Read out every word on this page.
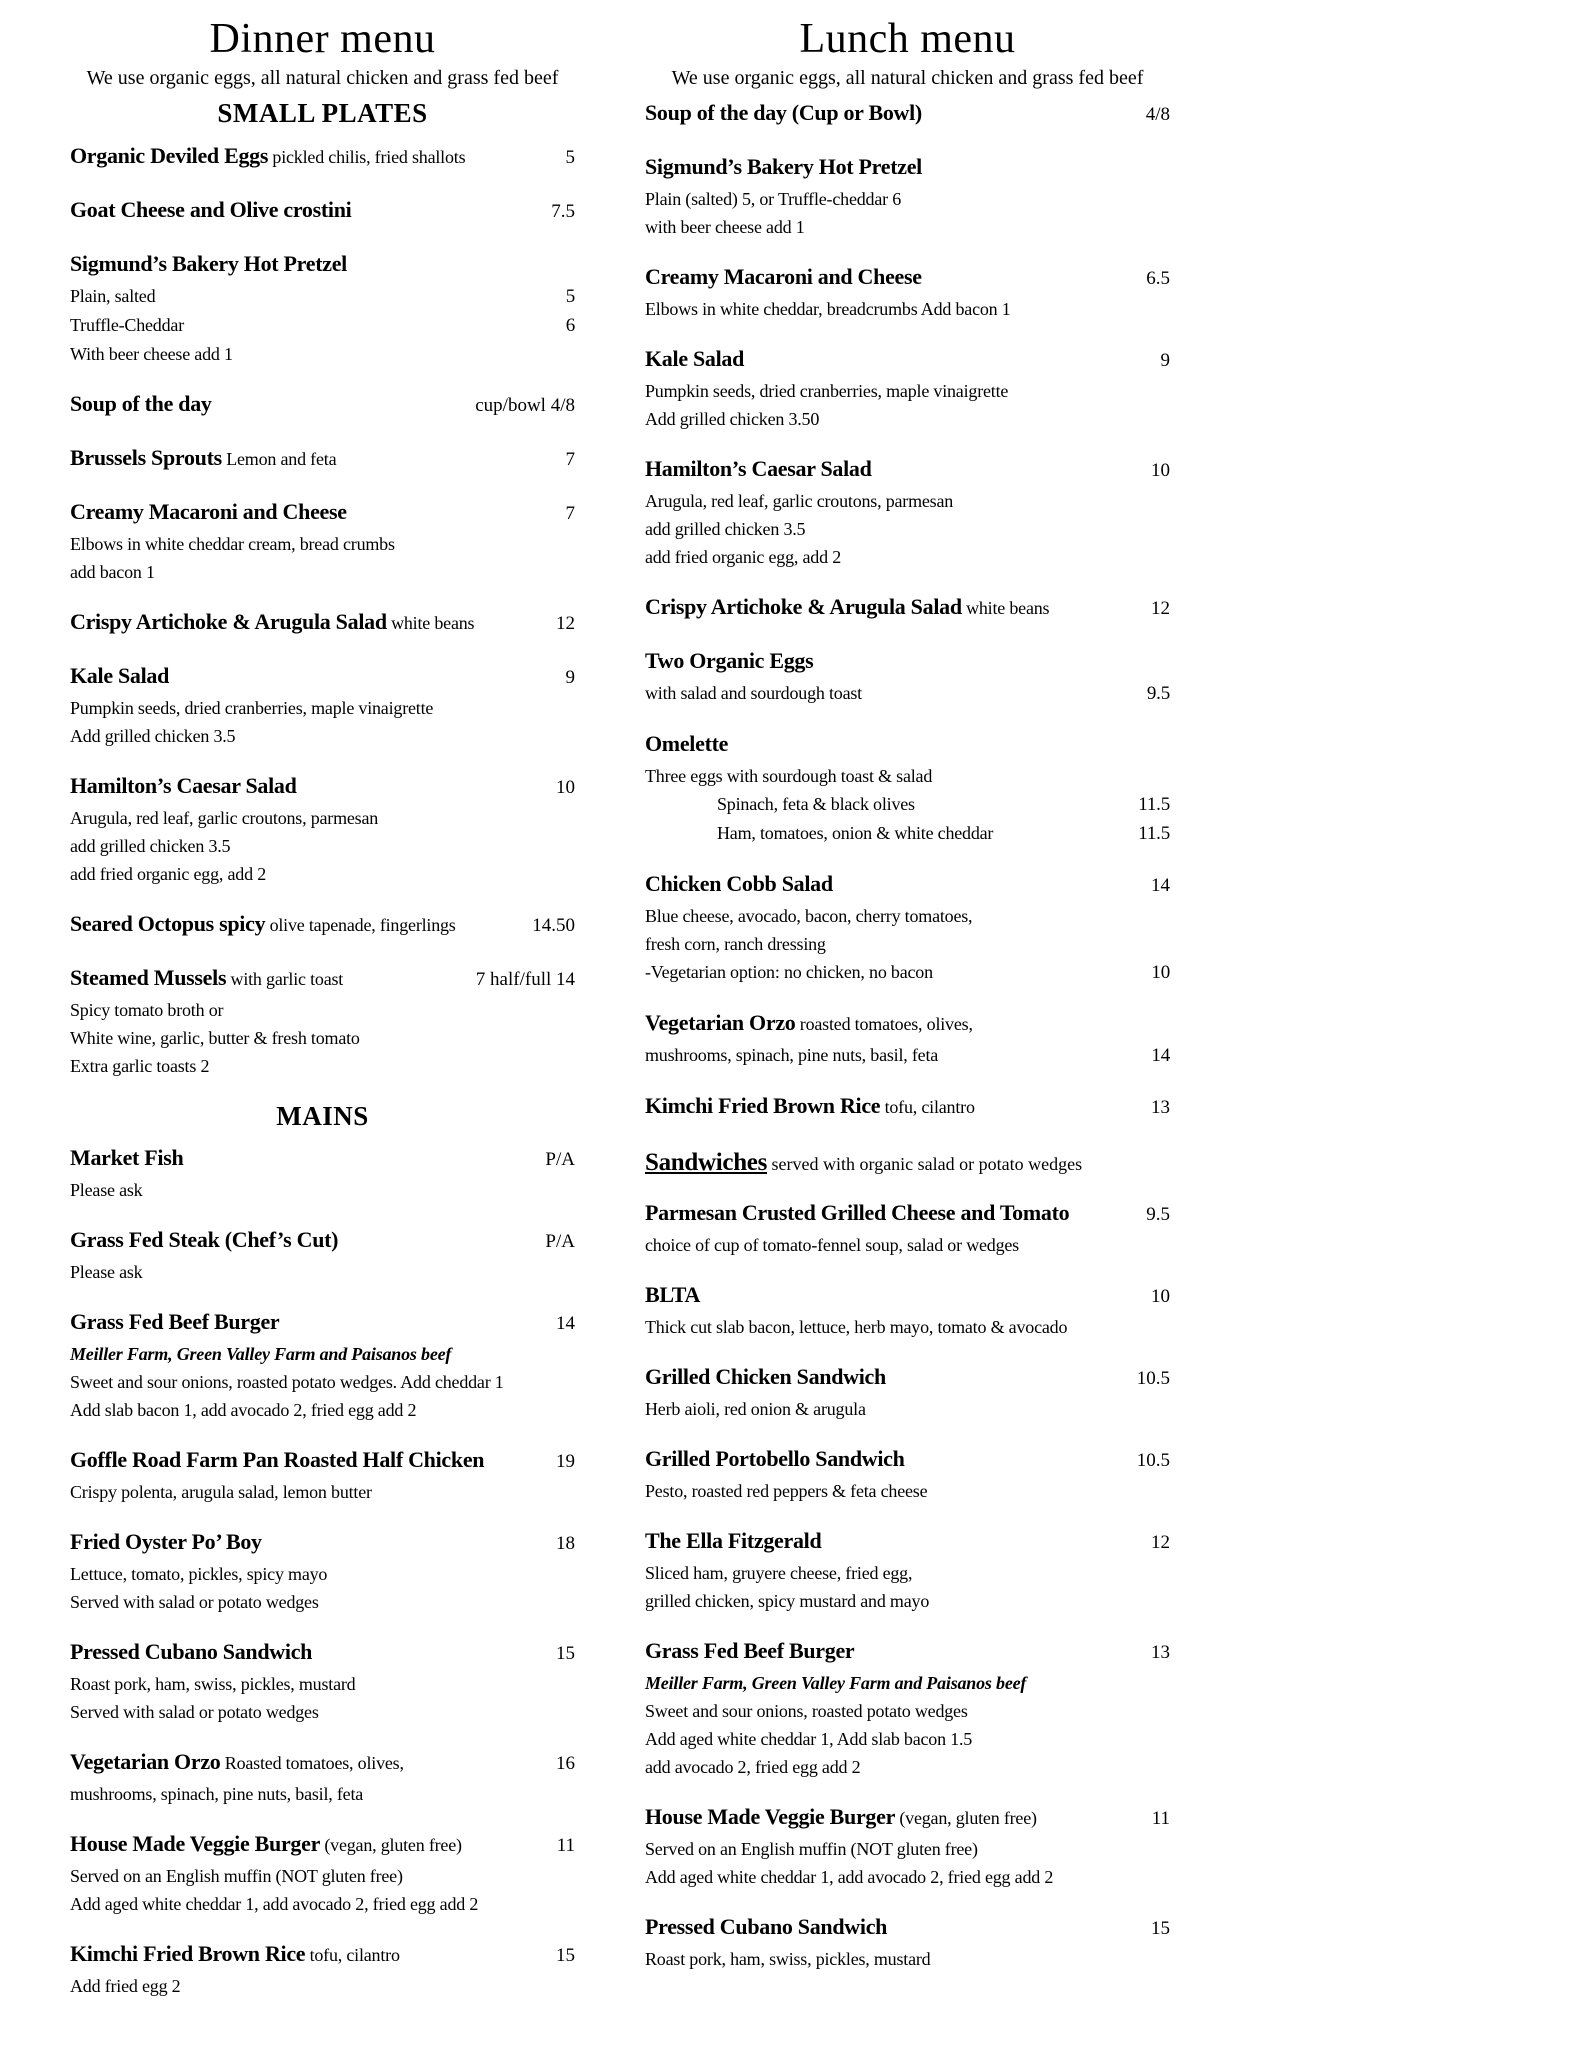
Dinner menu

We use organic eggs, all natural chicken and grass fed beef

SMALL PLATES
Organic Deviled Eggs pickled chilis, fried shallots	5
Goat Cheese and Olive crostini	7.5
Sigmund’s Bakery Hot Pretzel
Plain, salted	5
Truffle-Cheddar	6
With beer cheese add 1
Soup of the day	cup/bowl 4/8
Brussels Sprouts Lemon and feta	7
Creamy Macaroni and Cheese	7
Elbows in white cheddar cream, bread crumbs
add bacon 1
Crispy Artichoke & Arugula Salad white beans	12
Kale Salad	9
Pumpkin seeds, dried cranberries, maple vinaigrette
Add grilled chicken 3.5
Hamilton’s Caesar Salad	10
Arugula, red leaf, garlic croutons, parmesan
add grilled chicken 3.5
add fried organic egg, add 2
Seared Octopus spicy olive tapenade, fingerlings	14.50
Steamed Mussels with garlic toast	7 half/full 14
Spicy tomato broth or
White wine, garlic, butter & fresh tomato
Extra garlic toasts 2
MAINS
Market Fish	P/A
Please ask
Grass Fed Steak (Chef’s Cut)	P/A
Please ask
Grass Fed Beef Burger	14
Meiller Farm, Green Valley Farm and Paisanos beef
Sweet and sour onions, roasted potato wedges. Add cheddar 1
Add slab bacon 1, add avocado 2, fried egg add 2
Goffle Road Farm Pan Roasted Half Chicken	19
Crispy polenta, arugula salad, lemon butter
Fried Oyster Po’ Boy	18
Lettuce, tomato, pickles, spicy mayo
Served with salad or potato wedges
Pressed Cubano Sandwich	15
Roast pork, ham, swiss, pickles, mustard
Served with salad or potato wedges
Vegetarian Orzo Roasted tomatoes, olives,	16
mushrooms, spinach, pine nuts, basil, feta
House Made Veggie Burger (vegan, gluten free)	11
Served on an English muffin (NOT gluten free)
Add aged white cheddar 1, add avocado 2, fried egg add 2
Kimchi Fried Brown Rice tofu, cilantro	15
Add fried egg 2
Lunch menu

We use organic eggs, all natural chicken and grass fed beef

Soup of the day (Cup or Bowl)	4/8
Sigmund’s Bakery Hot Pretzel
Plain (salted) 5, or Truffle-cheddar 6
with beer cheese add 1
Creamy Macaroni and Cheese	6.5
Elbows in white cheddar, breadcrumbs Add bacon 1
Kale Salad	9
Pumpkin seeds, dried cranberries, maple vinaigrette
Add grilled chicken 3.50
Hamilton’s Caesar Salad	10
Arugula, red leaf, garlic croutons, parmesan
add grilled chicken 3.5
add fried organic egg, add 2
Crispy Artichoke & Arugula Salad white beans	12
Two Organic Eggs
with salad and sourdough toast	9.5
Omelette
Three eggs with sourdough toast & salad
Spinach, feta & black olives	11.5
Ham, tomatoes, onion & white cheddar	11.5
Chicken Cobb Salad	14
Blue cheese, avocado, bacon, cherry tomatoes,
fresh corn, ranch dressing
-Vegetarian option: no chicken, no bacon	10
Vegetarian Orzo roasted tomatoes, olives,
mushrooms, spinach, pine nuts, basil, feta	14
Kimchi Fried Brown Rice tofu, cilantro	13
Sandwiches served with organic salad or potato wedges
Parmesan Crusted Grilled Cheese and Tomato	9.5
choice of cup of tomato-fennel soup, salad or wedges
BLTA	10
Thick cut slab bacon, lettuce, herb mayo, tomato & avocado
Grilled Chicken Sandwich	10.5
Herb aioli, red onion & arugula
Grilled Portobello Sandwich	10.5
Pesto, roasted red peppers & feta cheese
The Ella Fitzgerald	12
Sliced ham, gruyere cheese, fried egg,
grilled chicken, spicy mustard and mayo
Grass Fed Beef Burger	13
Meiller Farm, Green Valley Farm and Paisanos beef
Sweet and sour onions, roasted potato wedges
Add aged white cheddar 1, Add slab bacon 1.5
add avocado 2, fried egg add 2
House Made Veggie Burger (vegan, gluten free)	11
Served on an English muffin (NOT gluten free)
Add aged white cheddar 1, add avocado 2, fried egg add 2
Pressed Cubano Sandwich	15
Roast pork, ham, swiss, pickles, mustard
